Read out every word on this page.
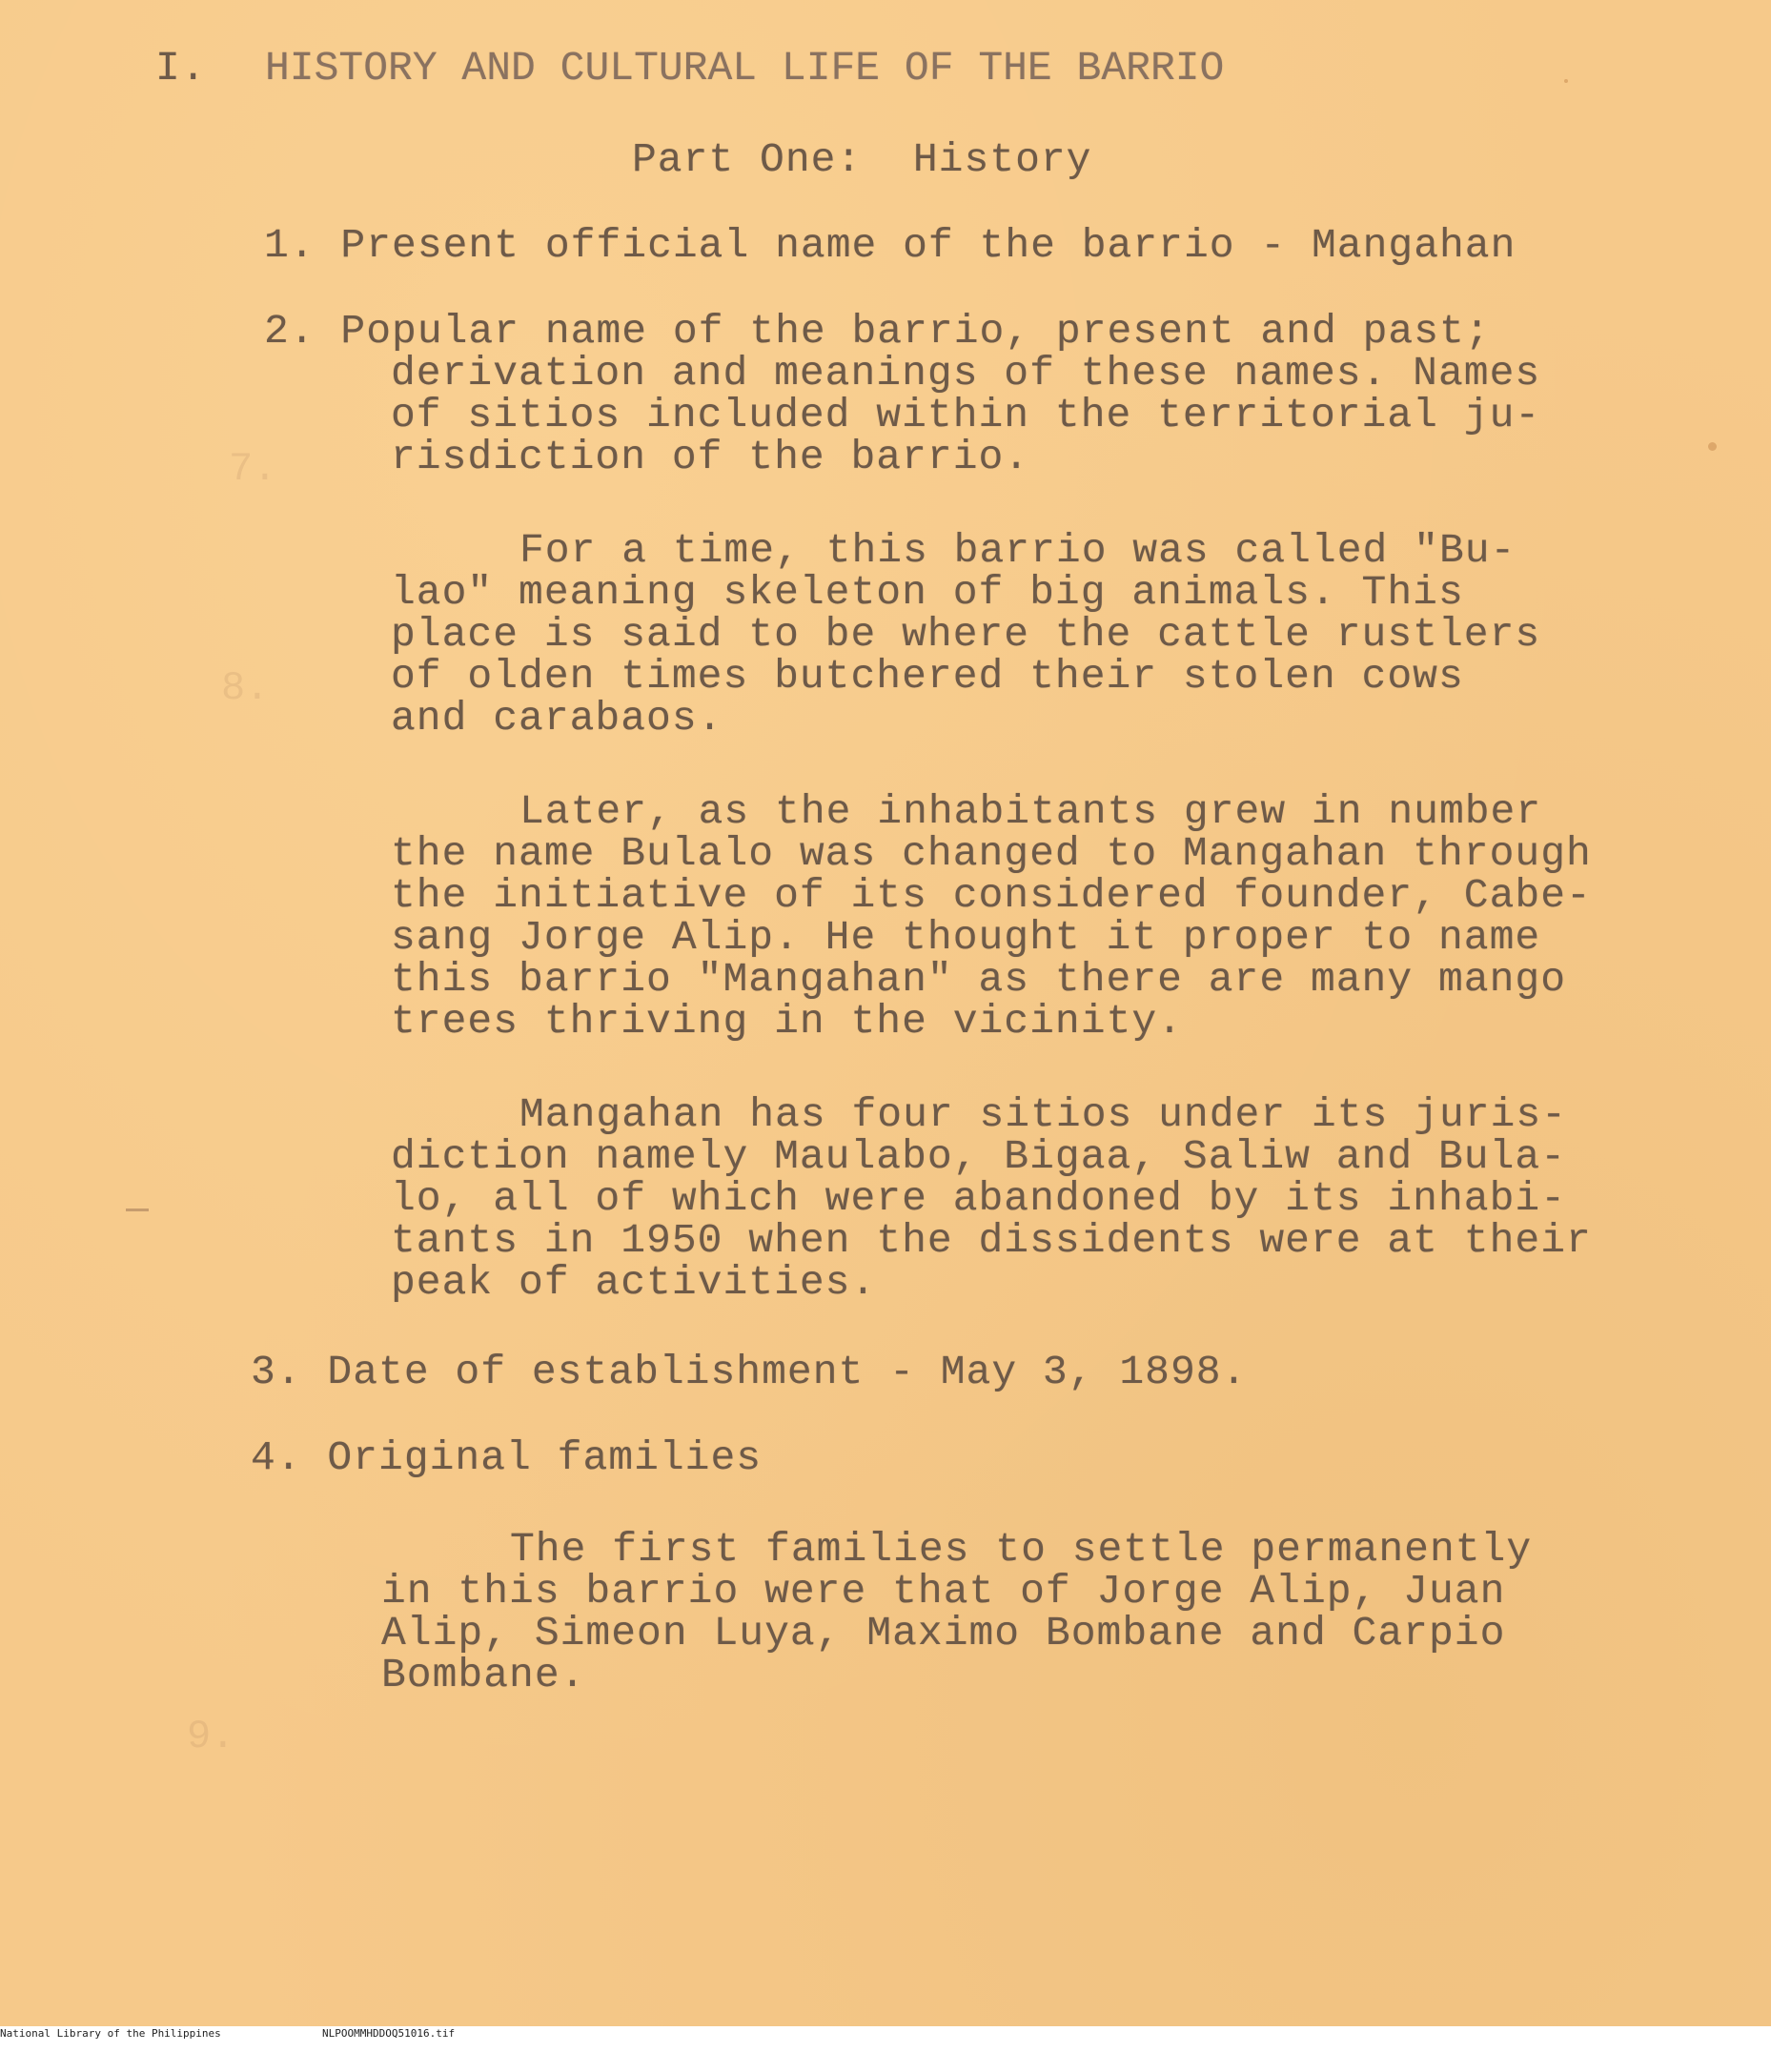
7.
8.
9.
I. HISTORY AND CULTURAL LIFE OF THE BARRIO
Part One:  History
1. Present official name of the barrio - Mangahan
2. Popular name of the barrio, present and past;
derivation and meanings of these names. Names
of sitios included within the territorial ju-
risdiction of the barrio.
For a time, this barrio was called "Bu-
lao" meaning skeleton of big animals. This
place is said to be where the cattle rustlers
of olden times butchered their stolen cows
and carabaos.
Later, as the inhabitants grew in number
the name Bulalo was changed to Mangahan through
the initiative of its considered founder, Cabe-
sang Jorge Alip. He thought it proper to name
this barrio "Mangahan" as there are many mango
trees thriving in the vicinity.
Mangahan has four sitios under its juris-
diction namely Maulabo, Bigaa, Saliw and Bula-
lo, all of which were abandoned by its inhabi-
tants in 1950 when the dissidents were at their
peak of activities.
3. Date of establishment - May 3, 1898.
4. Original families
The first families to settle permanently
in this barrio were that of Jorge Alip, Juan
Alip, Simeon Luya, Maximo Bombane and Carpio
Bombane.

National Library of the Philippines

	NLPOOMMHDDOQ51016.tif
